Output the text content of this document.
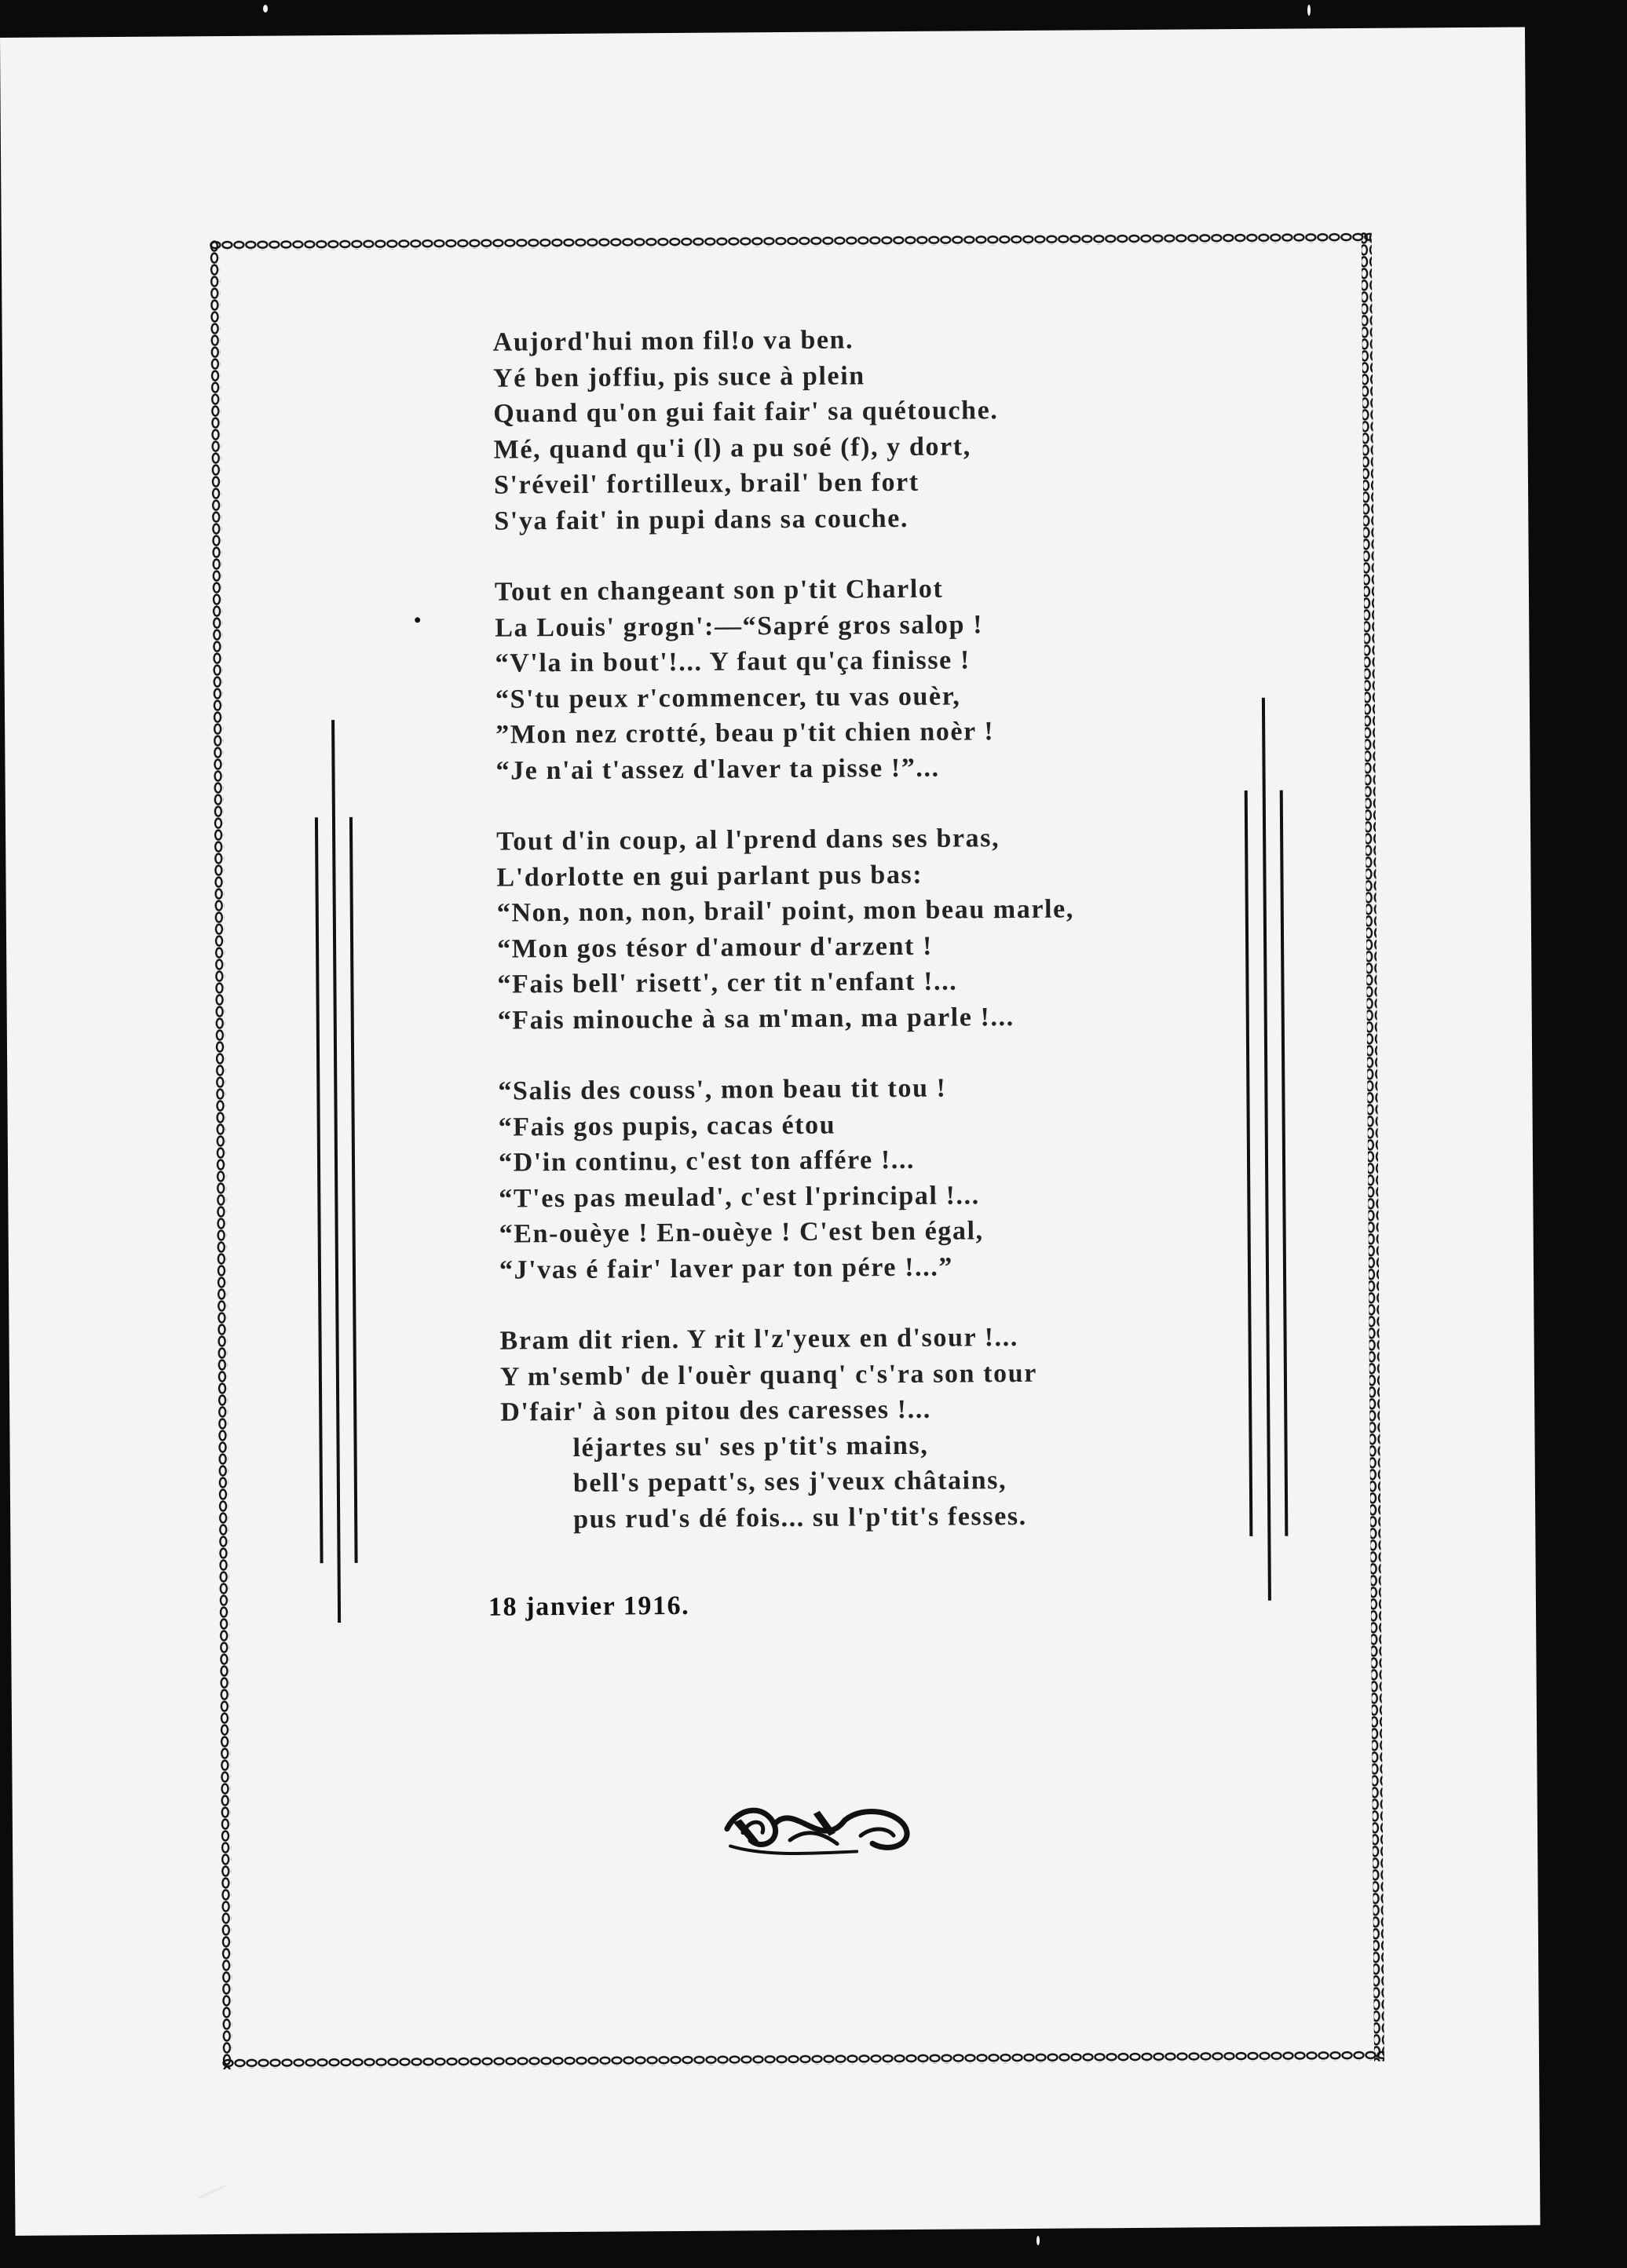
Aujord'hui mon fil!o va ben.
Yé ben joffiu, pis suce à plein
Quand qu'on gui fait fair' sa quétouche.
Mé, quand qu'i (l) a pu soé (f), y dort,
S'réveil' fortilleux, brail' ben fort
S'ya fait' in pupi dans sa couche.
Tout en changeant son p'tit Charlot
La Louis' grogn':—“Sapré gros salop !
“V'la in bout'!... Y faut qu'ça finisse !
“S'tu peux r'commencer, tu vas ouèr,
”Mon nez crotté, beau p'tit chien noèr !
“Je n'ai t'assez d'laver ta pisse !”...
Tout d'in coup, al l'prend dans ses bras,
L'dorlotte en gui parlant pus bas:
“Non, non, non, brail' point, mon beau marle,
“Mon gos tésor d'amour d'arzent !
“Fais bell' risett', cer tit n'enfant !...
“Fais minouche à sa m'man, ma parle !...
“Salis des couss', mon beau tit tou !
“Fais gos pupis, cacas étou
“D'in continu, c'est ton affére !...
“T'es pas meulad', c'est l'principal !...
“En-ouèye ! En-ouèye ! C'est ben égal,
“J'vas é fair' laver par ton pére !...”
Bram dit rien. Y rit l'z'yeux en d'sour !...
Y m'semb' de l'ouèr quanq' c's'ra son tour
D'fair' à son pitou des caresses !...
léjartes su' ses p'tit's mains,
bell's pepatt's, ses j'veux châtains,
pus rud's dé fois... su l'p'tit's fesses.
18 janvier 1916.
